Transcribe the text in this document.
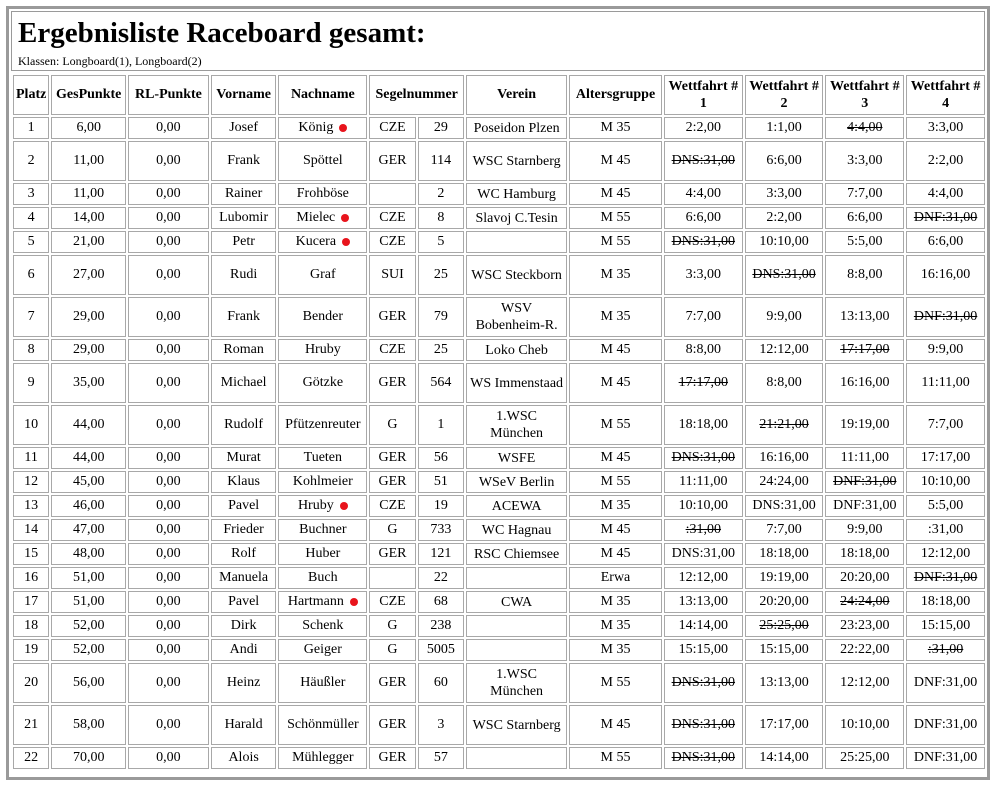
Ergebnisliste Raceboard gesamt:
Klassen: Longboard(1), Longboard(2)
Platz	GesPunkte	RL-Punkte	Vorname	Nachname	Segelnummer		Verein	Altersgruppe	Wettfahrt # 1	Wettfahrt # 2	Wettfahrt # 3	Wettfahrt # 4
1	6,00	0,00	Josef	König	CZE	29	Poseidon Plzen	M 35	2:2,00	1:1,00	4:4,00	3:3,00
2	11,00	0,00	Frank	Spöttel	GER	114	WSC Starnberg	M 45	DNS:31,00	6:6,00	3:3,00	2:2,00
3	11,00	0,00	Rainer	Frohböse		2	WC Hamburg	M 45	4:4,00	3:3,00	7:7,00	4:4,00
4	14,00	0,00	Lubomir	Mielec	CZE	8	Slavoj C.Tesin	M 55	6:6,00	2:2,00	6:6,00	DNF:31,00
5	21,00	0,00	Petr	Kucera	CZE	5		M 55	DNS:31,00	10:10,00	5:5,00	6:6,00
6	27,00	0,00	Rudi	Graf	SUI	25	WSC Steckborn	M 35	3:3,00	DNS:31,00	8:8,00	16:16,00
7	29,00	0,00	Frank	Bender	GER	79	WSV Bobenheim-R.	M 35	7:7,00	9:9,00	13:13,00	DNF:31,00
8	29,00	0,00	Roman	Hruby	CZE	25	Loko Cheb	M 45	8:8,00	12:12,00	17:17,00	9:9,00
9	35,00	0,00	Michael	Götzke	GER	564	WS Immenstaad	M 45	17:17,00	8:8,00	16:16,00	11:11,00
10	44,00	0,00	Rudolf	Pfützenreuter	G	1	1.WSC München	M 55	18:18,00	21:21,00	19:19,00	7:7,00
11	44,00	0,00	Murat	Tueten	GER	56	WSFE	M 45	DNS:31,00	16:16,00	11:11,00	17:17,00
12	45,00	0,00	Klaus	Kohlmeier	GER	51	WSeV Berlin	M 55	11:11,00	24:24,00	DNF:31,00	10:10,00
13	46,00	0,00	Pavel	Hruby	CZE	19	ACEWA	M 35	10:10,00	DNS:31,00	DNF:31,00	5:5,00
14	47,00	0,00	Frieder	Buchner	G	733	WC Hagnau	M 45	:31,00	7:7,00	9:9,00	:31,00
15	48,00	0,00	Rolf	Huber	GER	121	RSC Chiemsee	M 45	DNS:31,00	18:18,00	18:18,00	12:12,00
16	51,00	0,00	Manuela	Buch		22		Erwa	12:12,00	19:19,00	20:20,00	DNF:31,00
17	51,00	0,00	Pavel	Hartmann	CZE	68	CWA	M 35	13:13,00	20:20,00	24:24,00	18:18,00
18	52,00	0,00	Dirk	Schenk	G	238		M 35	14:14,00	25:25,00	23:23,00	15:15,00
19	52,00	0,00	Andi	Geiger	G	5005		M 35	15:15,00	15:15,00	22:22,00	:31,00
20	56,00	0,00	Heinz	Häußler	GER	60	1.WSC München	M 55	DNS:31,00	13:13,00	12:12,00	DNF:31,00
21	58,00	0,00	Harald	Schönmüller	GER	3	WSC Starnberg	M 45	DNS:31,00	17:17,00	10:10,00	DNF:31,00
22	70,00	0,00	Alois	Mühlegger	GER	57		M 55	DNS:31,00	14:14,00	25:25,00	DNF:31,00
